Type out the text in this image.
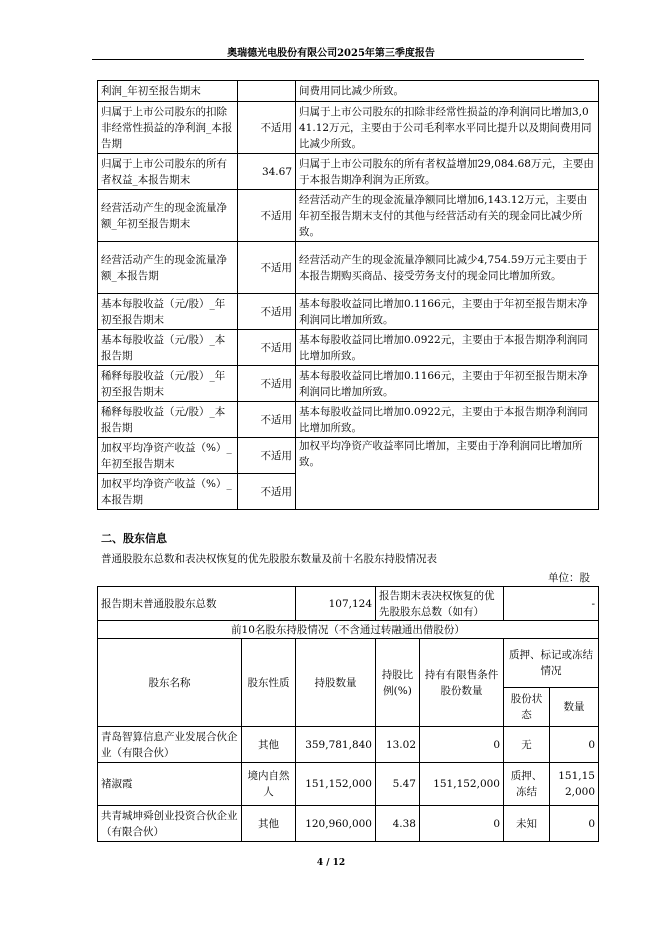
奥瑞德光电股份有限公司2025年第三季度报告
利润_年初至报告期末		间费用同比减少所致。
归属于上市公司股东的扣除非经常性损益的净利润_本报告期	不适用	归属于上市公司股东的扣除非经常性损益的净利润同比增加3,041.12万元，主要由于公司毛利率水平同比提升以及期间费用同比减少所致。
归属于上市公司股东的所有者权益_本报告期末	34.67	归属于上市公司股东的所有者权益增加29,084.68万元，主要由于本报告期净利润为正所致。
经营活动产生的现金流量净额_年初至报告期末	不适用	经营活动产生的现金流量净额同比增加6,143.12万元，主要由年初至报告期末支付的其他与经营活动有关的现金同比减少所致。
经营活动产生的现金流量净额_本报告期	不适用	经营活动产生的现金流量净额同比减少4,754.59万元主要由于本报告期购买商品、接受劳务支付的现金同比增加所致。
基本每股收益（元/股）_年初至报告期末	不适用	基本每股收益同比增加0.1166元，主要由于年初至报告期末净利润同比增加所致。
基本每股收益（元/股）_本报告期	不适用	基本每股收益同比增加0.0922元，主要由于本报告期净利润同比增加所致。
稀释每股收益（元/股）_年初至报告期末	不适用	基本每股收益同比增加0.1166元，主要由于年初至报告期末净利润同比增加所致。
稀释每股收益（元/股）_本报告期	不适用	基本每股收益同比增加0.0922元，主要由于本报告期净利润同比增加所致。
加权平均净资产收益（%）_年初至报告期末	不适用	加权平均净资产收益率同比增加，主要由于净利润同比增加所致。
加权平均净资产收益（%）_本报告期	不适用	
二、股东信息
普通股股东总数和表决权恢复的优先股股东数量及前十名股东持股情况表
单位：股
报告期末普通股股东总数		107,124	报告期末表决权恢复的优先股股东总数（如有）		-	
前10名股东持股情况（不含通过转融通出借股份）						
股东名称	股东性质	持股数量	持股比例(%)	持有有限售条件股份数量	质押、标记或冻结情况	
					股份状态	数量
青岛智算信息产业发展合伙企业（有限合伙）	其他	359,781,840	13.02	0	无	0
褚淑霞	境内自然人	151,152,000	5.47	151,152,000	质押、冻结	151,152,000
共青城坤舜创业投资合伙企业（有限合伙）	其他	120,960,000	4.38	0	未知	0
4 / 12
